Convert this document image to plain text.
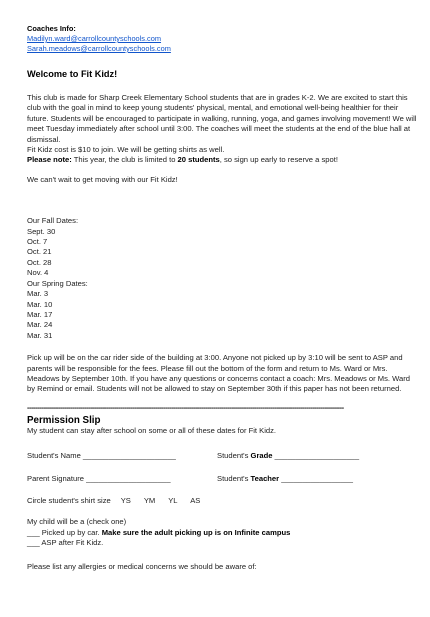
Coaches Info:
Madilyn.ward@carrollcountyschools.com
Sarah.meadows@carrollcountyschools.com
Welcome to Fit Kidz!

This club is made for Sharp Creek Elementary School students that are in grades K-2. We are excited to start this club with the goal in mind to keep young students' physical, mental, and emotional well-being healthier for their future. Students will be encouraged to participate in walking, running, yoga, and games involving movement! We will meet Tuesday immediately after school until 3:00. The coaches will meet the students at the end of the blue hall at dismissal.

Fit Kidz cost is $10 to join. We will be getting shirts as well.

Please note: This year, the club is limited to 20 students, so sign up early to reserve a spot!

We can't wait to get moving with our Fit Kidz!

Our Fall Dates:
Sept. 30
Oct. 7
Oct. 21
Oct. 28
Nov. 4
Our Spring Dates:
Mar. 3
Mar. 10
Mar. 17
Mar. 24
Mar. 31

Pick up will be on the car rider side of the building at 3:00. Anyone not picked up by 3:10 will be sent to ASP and parents will be responsible for the fees. Please fill out the bottom of the form and return to Ms. Ward or Mrs. Meadows by September 10th. If you have any questions or concerns contact a coach: Mrs. Meadows or Ms. Ward by Remind or email. Students will not be allowed to stay on September 30th if this paper has not been returned.

----------------------------------------------------------------------------------------------------------------------------------------------------------------
Permission Slip

My student can stay after school on some or all of these dates for Fit Kidz.

Student's Name ______________________	Student's Grade ____________________
Parent Signature ____________________	Student's Teacher _________________
Circle student's shirt size YS YM YL AS
My child will be a (check one)
___ Picked up by car. Make sure the adult picking up is on Infinite campus
___ ASP after Fit Kidz.

Please list any allergies or medical concerns we should be aware of:
